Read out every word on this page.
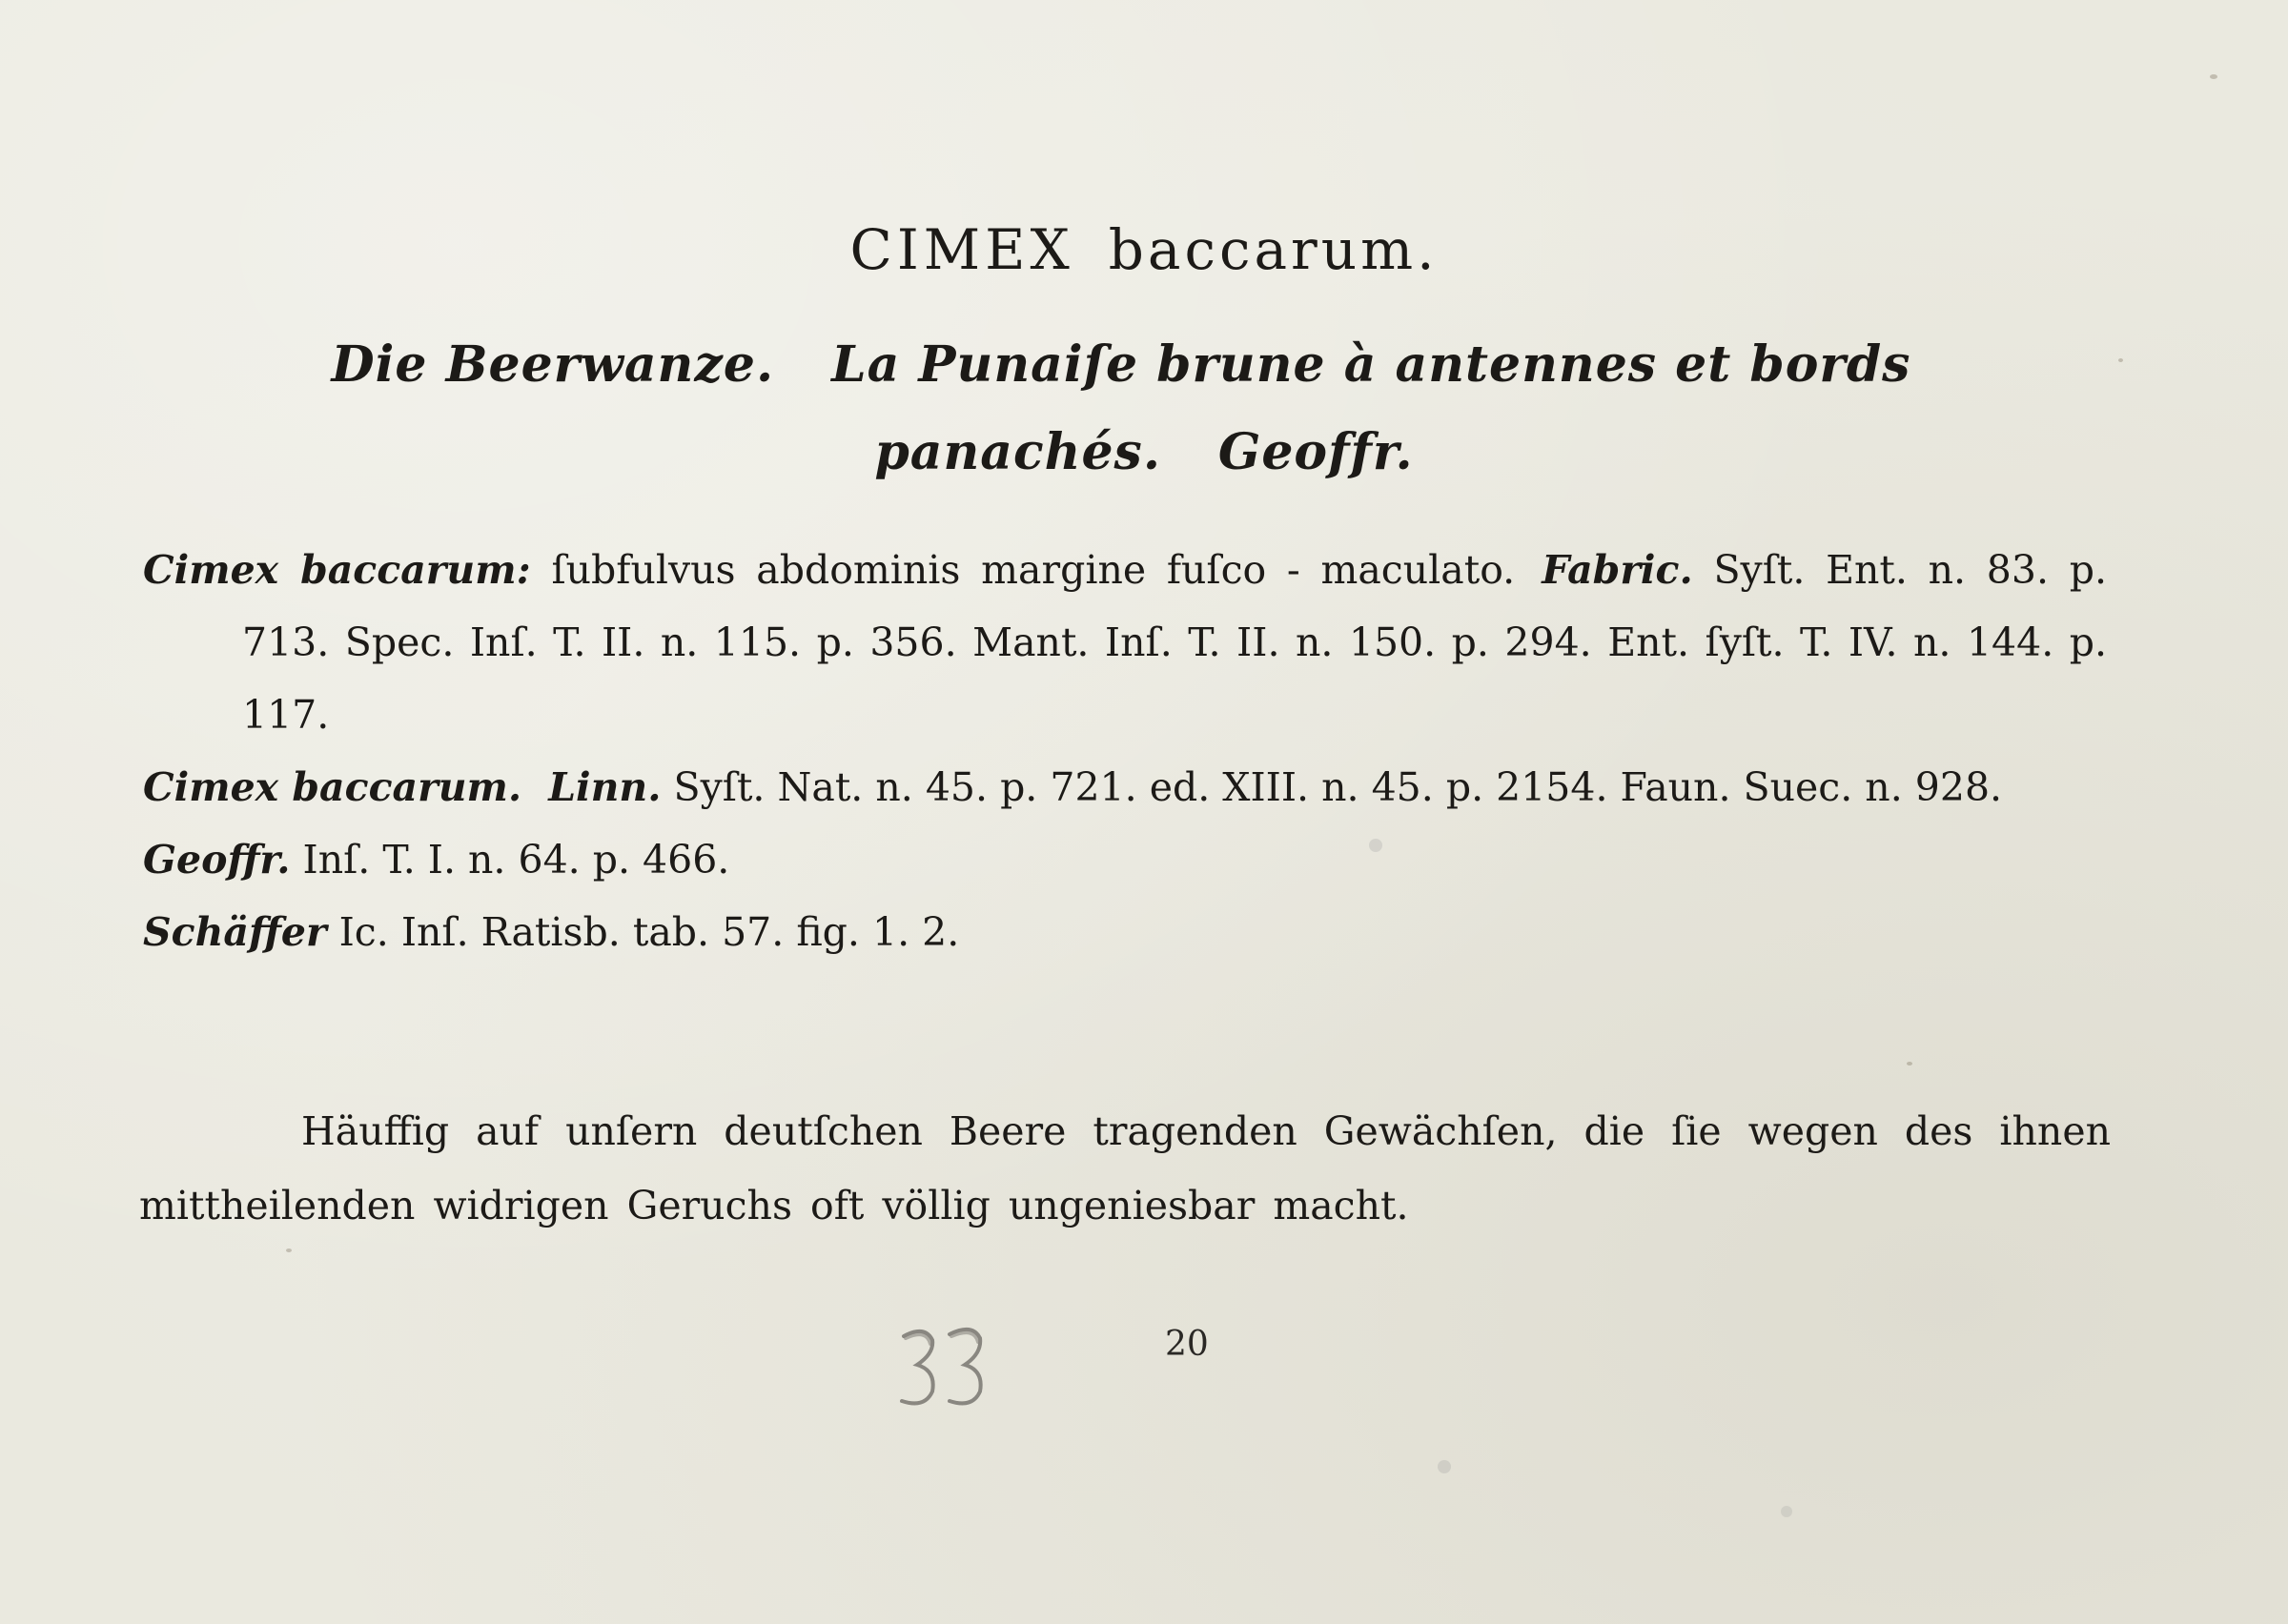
CIMEX baccarum.
Die Beerwanze. La Punaiſe brune à antennes et bords
panachés. Geoffr.
Cimex baccarum: ſubfulvus abdominis margine fuſco - maculato. Fabric. Syſt. Ent. n. 83. p. 713. Spec. Inſ. T. II. n. 115. p. 356. Mant. Inſ. T. II. n. 150. p. 294. Ent. ſyſt. T. IV. n. 144. p. 117.
Cimex baccarum. Linn. Syſt. Nat. n. 45. p. 721. ed. XIII. n. 45. p. 2154. Faun. Suec. n. 928.
Geoffr. Inſ. T. I. n. 64. p. 466.
Schäffer Ic. Inſ. Ratisb. tab. 57. fig. 1. 2.
Häuffig auf unſern deutſchen Beere tragenden Gewächſen, die ſie wegen des ihnen mittheilenden widrigen Geruchs oft völlig ungeniesbar macht.
20
